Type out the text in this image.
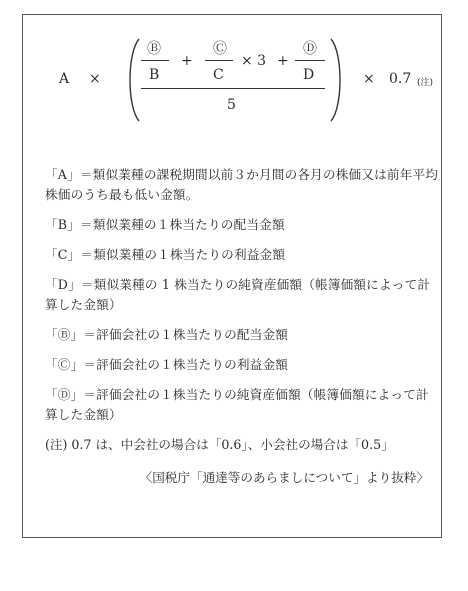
A ×
Ⓑ
B
+
Ⓒ
C
× 3 +
Ⓓ
D
5
× 0.7 (注)

「A」＝類似業種の課税期間以前３か月間の各月の株価又は前年平均株価のうち最も低い金額。

「B」＝類似業種の１株当たりの配当金額

「C」＝類似業種の１株当たりの利益金額

「D」＝類似業種の 1 株当たりの純資産価額（帳簿価額によって計算した金額）

「Ⓑ」＝評価会社の１株当たりの配当金額

「Ⓒ」＝評価会社の１株当たりの利益金額

「Ⓓ」＝評価会社の１株当たりの純資産価額（帳簿価額によって計算した金額）

(注) 0.7 は、中会社の場合は「0.6」、小会社の場合は「0.5」

〈国税庁「通達等のあらましについて」より抜粋〉
